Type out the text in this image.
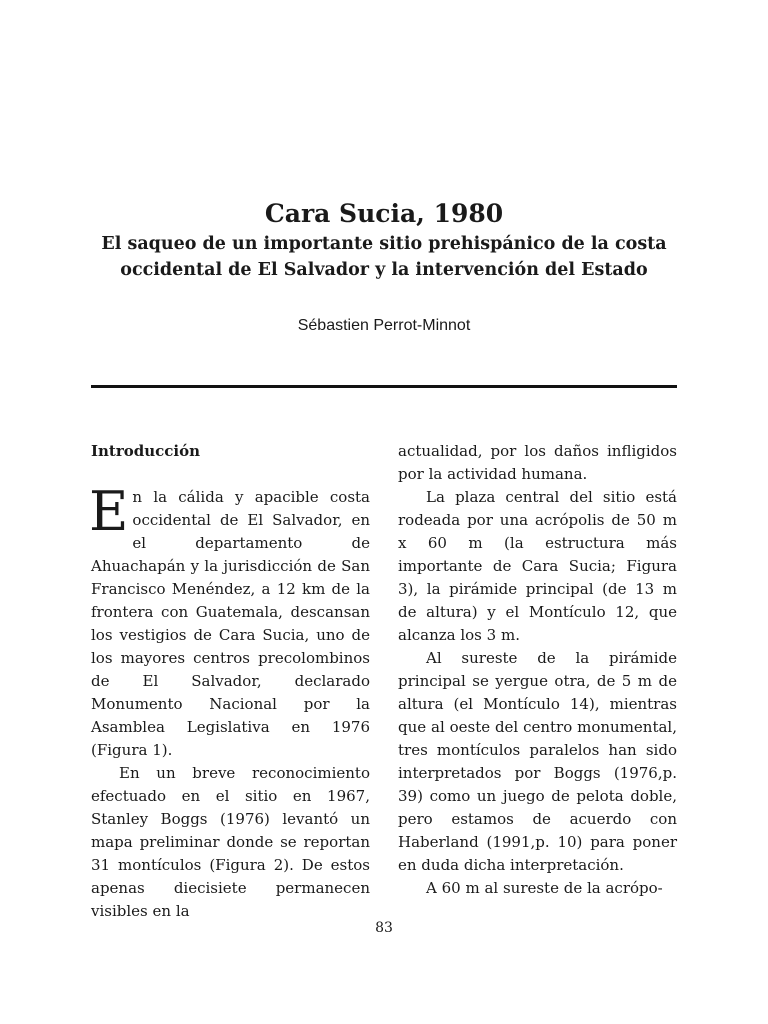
Cara Sucia, 1980
El saqueo de un importante sitio prehispánico de la costa occidental de El Salvador y la intervención del Estado
Sébastien Perrot-Minnot
Introducción

En la cálida y apacible costa occidental de El Salvador, en el departamento de Ahuachapán y la jurisdicción de San Francisco Menéndez, a 12 km de la frontera con Guatemala, descansan los vestigios de Cara Sucia, uno de los mayores centros precolombinos de El Salvador, declarado Monumento Nacional por la Asamblea Legislativa en 1976 (Figura 1).

En un breve reconocimiento efectuado en el sitio en 1967, Stanley Boggs (1976) levantó un mapa preliminar donde se reportan 31 montículos (Figura 2). De estos apenas diecisiete permanecen visibles en la

actualidad, por los daños infligidos por la actividad humana.

La plaza central del sitio está rodeada por una acrópolis de 50 m x 60 m (la estructura más importante de Cara Sucia; Figura 3), la pirámide principal (de 13 m de altura) y el Montículo 12, que alcanza los 3 m.

Al sureste de la pirámide principal se yergue otra, de 5 m de altura (el Montículo 14), mientras que al oeste del centro monumental, tres montículos paralelos han sido interpretados por Boggs (1976,p. 39) como un juego de pelota doble, pero estamos de acuerdo con Haberland (1991,p. 10) para poner en duda dicha interpretación.

A 60 m al sureste de la acrópo-

83
